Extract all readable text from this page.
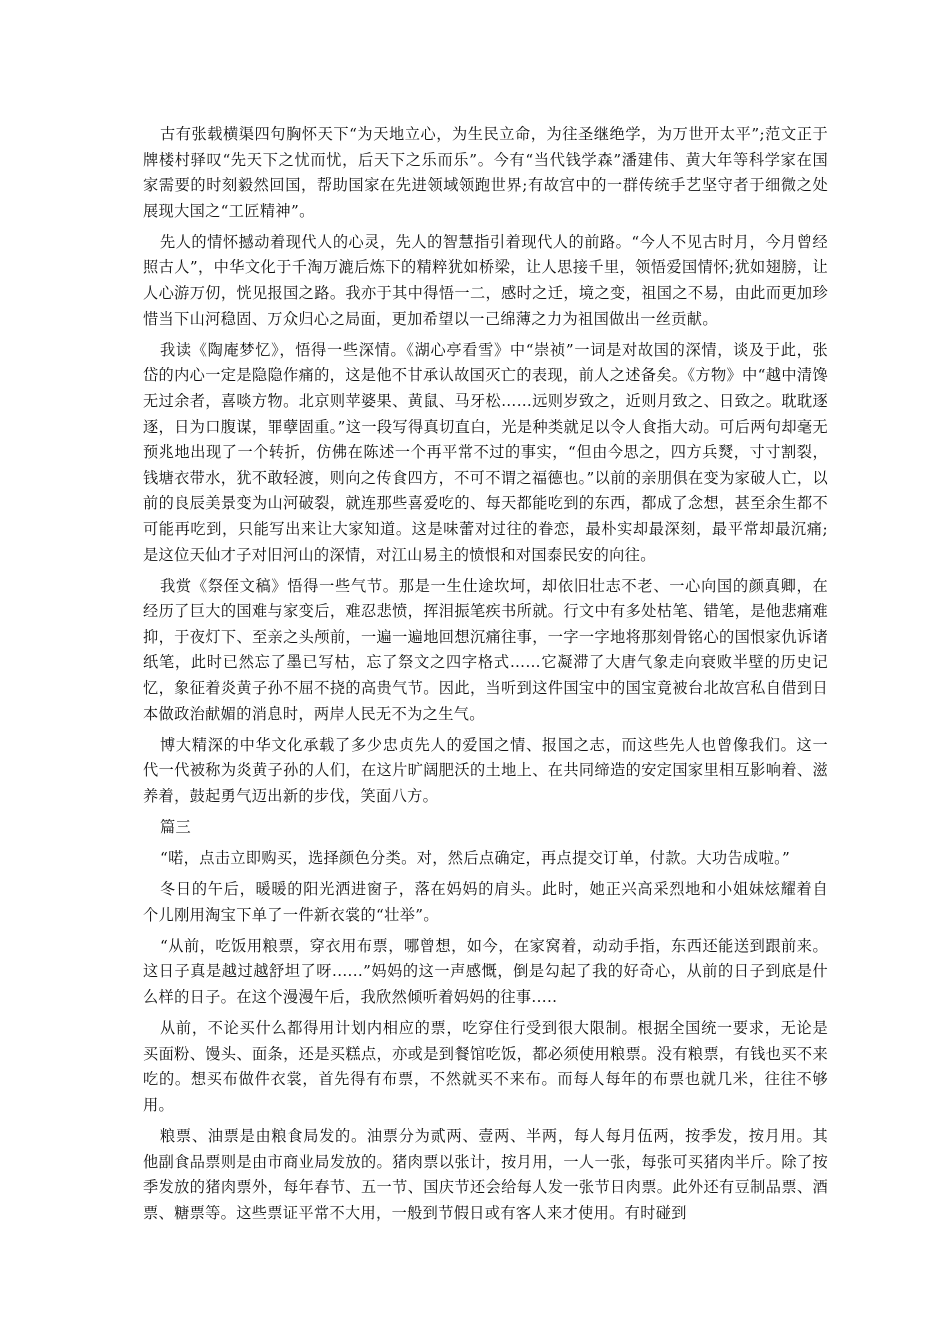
古有张载横渠四句胸怀天下“为天地立心，为生民立命，为往圣继绝学，为万世开太平”;范文正于牌楼村驿叹“先天下之忧而忧，后天下之乐而乐”。今有“当代钱学森”潘建伟、黄大年等科学家在国家需要的时刻毅然回国，帮助国家在先进领域领跑世界;有故宫中的一群传统手艺坚守者于细微之处展现大国之“工匠精神”。

先人的情怀撼动着现代人的心灵，先人的智慧指引着现代人的前路。“今人不见古时月，今月曾经照古人”，中华文化于千淘万漉后炼下的精粹犹如桥梁，让人思接千里，领悟爱国情怀;犹如翅膀，让人心游万仞，恍见报国之路。我亦于其中得悟一二，感时之迁，境之变，祖国之不易，由此而更加珍惜当下山河稳固、万众归心之局面，更加希望以一己绵薄之力为祖国做出一丝贡献。

我读《陶庵梦忆》，悟得一些深情。《湖心亭看雪》中“崇祯”一词是对故国的深情，谈及于此，张岱的内心一定是隐隐作痛的，这是他不甘承认故国灭亡的表现，前人之述备矣。《方物》中“越中清馋无过余者，喜啖方物。北京则苹婆果、黄鼠、马牙松……远则岁致之，近则月致之、日致之。耽耽逐逐，日为口腹谋，罪孽固重。”这一段写得真切直白，光是种类就足以令人食指大动。可后两句却毫无预兆地出现了一个转折，仿佛在陈述一个再平常不过的事实，“但由今思之，四方兵燹，寸寸割裂，钱塘衣带水，犹不敢轻渡，则向之传食四方，不可不谓之福德也。”以前的亲朋俱在变为家破人亡，以前的良辰美景变为山河破裂，就连那些喜爱吃的、每天都能吃到的东西，都成了念想，甚至余生都不可能再吃到，只能写出来让大家知道。这是味蕾对过往的眷恋，最朴实却最深刻，最平常却最沉痛;是这位天仙才子对旧河山的深情，对江山易主的愤恨和对国泰民安的向往。

我赏《祭侄文稿》悟得一些气节。那是一生仕途坎坷，却依旧壮志不老、一心向国的颜真卿，在经历了巨大的国难与家变后，难忍悲愤，挥泪振笔疾书所就。行文中有多处枯笔、错笔，是他悲痛难抑，于夜灯下、至亲之头颅前，一遍一遍地回想沉痛往事，一字一字地将那刻骨铭心的国恨家仇诉诸纸笔，此时已然忘了墨已写枯，忘了祭文之四字格式……它凝滞了大唐气象走向衰败半壁的历史记忆，象征着炎黄子孙不屈不挠的高贵气节。因此，当听到这件国宝中的国宝竟被台北故宫私自借到日本做政治献媚的消息时，两岸人民无不为之生气。

博大精深的中华文化承载了多少忠贞先人的爱国之情、报国之志，而这些先人也曾像我们。这一代一代被称为炎黄子孙的人们，在这片旷阔肥沃的土地上、在共同缔造的安定国家里相互影响着、滋养着，鼓起勇气迈出新的步伐，笑面八方。

篇三

“喏，点击立即购买，选择颜色分类。对，然后点确定，再点提交订单，付款。大功告成啦。”

冬日的午后，暖暖的阳光洒进窗子，落在妈妈的肩头。此时，她正兴高采烈地和小姐妹炫耀着自个儿刚用淘宝下单了一件新衣裳的“壮举”。

“从前，吃饭用粮票，穿衣用布票，哪曾想，如今，在家窝着，动动手指，东西还能送到跟前来。这日子真是越过越舒坦了呀......”妈妈的这一声感慨，倒是勾起了我的好奇心，从前的日子到底是什么样的日子。在这个漫漫午后，我欣然倾听着妈妈的往事.....

从前，不论买什么都得用计划内相应的票，吃穿住行受到很大限制。根据全国统一要求，无论是买面粉、馒头、面条，还是买糕点，亦或是到餐馆吃饭，都必须使用粮票。没有粮票，有钱也买不来吃的。想买布做件衣裳，首先得有布票，不然就买不来布。而每人每年的布票也就几米，往往不够用。

粮票、油票是由粮食局发的。油票分为贰两、壹两、半两，每人每月伍两，按季发，按月用。其他副食品票则是由市商业局发放的。猪肉票以张计，按月用，一人一张，每张可买猪肉半斤。除了按季发放的猪肉票外，每年春节、五一节、国庆节还会给每人发一张节日肉票。此外还有豆制品票、酒票、糖票等。这些票证平常不大用，一般到节假日或有客人来才使用。有时碰到
